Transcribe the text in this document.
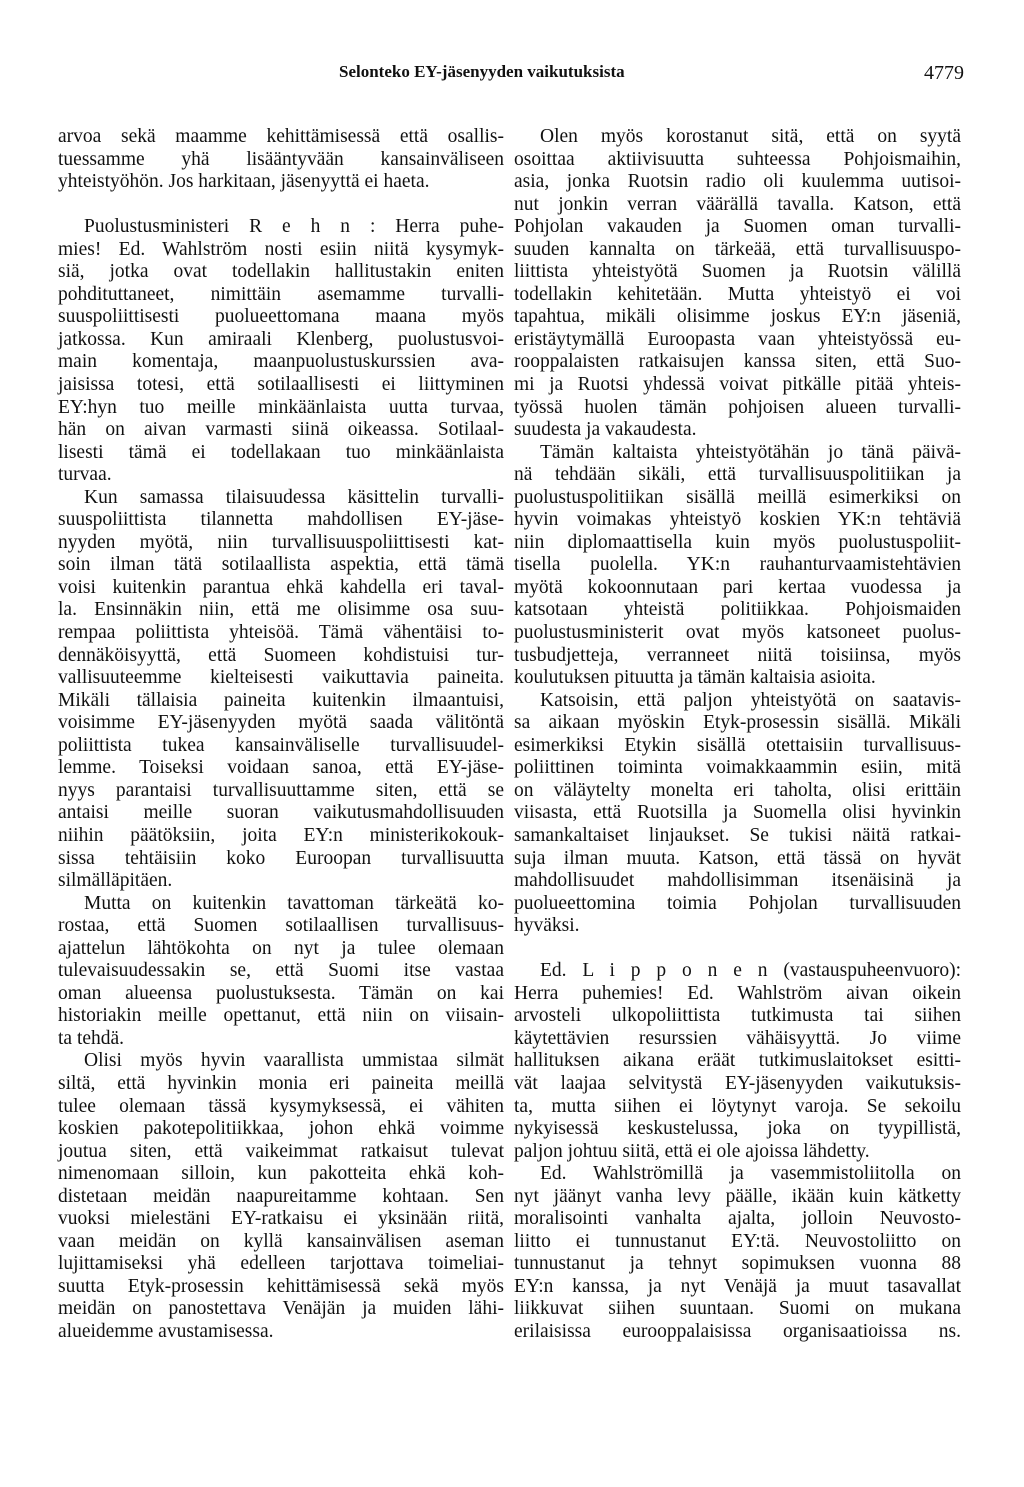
Selonteko EY-jäsenyyden vaikutuksista	4779
arvoa sekä maamme kehittämisessä että osallis-
tuessamme yhä lisääntyvään kansainväliseen
yhteistyöhön. Jos harkitaan, jäsenyyttä ei haeta.
Puolustusministeri R e h n : Herra puhe-
mies! Ed. Wahlström nosti esiin niitä kysymyk-
siä, jotka ovat todellakin hallitustakin eniten
pohdituttaneet, nimittäin asemamme turvalli-
suuspoliittisesti puolueettomana maana myös
jatkossa. Kun amiraali Klenberg, puolustusvoi-
main komentaja, maanpuolustuskurssien ava-
jaisissa totesi, että sotilaallisesti ei liittyminen
EY:hyn tuo meille minkäänlaista uutta turvaa,
hän on aivan varmasti siinä oikeassa. Sotilaal-
lisesti tämä ei todellakaan tuo minkäänlaista
turvaa.
Kun samassa tilaisuudessa käsittelin turvalli-
suuspoliittista tilannetta mahdollisen EY-jäse-
nyyden myötä, niin turvallisuuspoliittisesti kat-
soin ilman tätä sotilaallista aspektia, että tämä
voisi kuitenkin parantua ehkä kahdella eri taval-
la. Ensinnäkin niin, että me olisimme osa suu-
rempaa poliittista yhteisöä. Tämä vähentäisi to-
dennäköisyyttä, että Suomeen kohdistuisi tur-
vallisuuteemme kielteisesti vaikuttavia paineita.
Mikäli tällaisia paineita kuitenkin ilmaantuisi,
voisimme EY-jäsenyyden myötä saada välitöntä
poliittista tukea kansainväliselle turvallisuudel-
lemme. Toiseksi voidaan sanoa, että EY-jäse-
nyys parantaisi turvallisuuttamme siten, että se
antaisi meille suoran vaikutusmahdollisuuden
niihin päätöksiin, joita EY:n ministerikokouk-
sissa tehtäisiin koko Euroopan turvallisuutta
silmälläpitäen.
Mutta on kuitenkin tavattoman tärkeätä ko-
rostaa, että Suomen sotilaallisen turvallisuus-
ajattelun lähtökohta on nyt ja tulee olemaan
tulevaisuudessakin se, että Suomi itse vastaa
oman alueensa puolustuksesta. Tämän on kai
historiakin meille opettanut, että niin on viisain-
ta tehdä.
Olisi myös hyvin vaarallista ummistaa silmät
siltä, että hyvinkin monia eri paineita meillä
tulee olemaan tässä kysymyksessä, ei vähiten
koskien pakotepolitiikkaa, johon ehkä voimme
joutua siten, että vaikeimmat ratkaisut tulevat
nimenomaan silloin, kun pakotteita ehkä koh-
distetaan meidän naapureitamme kohtaan. Sen
vuoksi mielestäni EY-ratkaisu ei yksinään riitä,
vaan meidän on kyllä kansainvälisen aseman
lujittamiseksi yhä edelleen tarjottava toimeliai-
suutta Etyk-prosessin kehittämisessä sekä myös
meidän on panostettava Venäjän ja muiden lähi-
alueidemme avustamisessa.
Olen myös korostanut sitä, että on syytä
osoittaa aktiivisuutta suhteessa Pohjoismaihin,
asia, jonka Ruotsin radio oli kuulemma uutisoi-
nut jonkin verran väärällä tavalla. Katson, että
Pohjolan vakauden ja Suomen oman turvalli-
suuden kannalta on tärkeää, että turvallisuuspo-
liittista yhteistyötä Suomen ja Ruotsin välillä
todellakin kehitetään. Mutta yhteistyö ei voi
tapahtua, mikäli olisimme joskus EY:n jäseniä,
eristäytymällä Euroopasta vaan yhteistyössä eu-
rooppalaisten ratkaisujen kanssa siten, että Suo-
mi ja Ruotsi yhdessä voivat pitkälle pitää yhteis-
työssä huolen tämän pohjoisen alueen turvalli-
suudesta ja vakaudesta.
Tämän kaltaista yhteistyötähän jo tänä päivä-
nä tehdään sikäli, että turvallisuuspolitiikan ja
puolustuspolitiikan sisällä meillä esimerkiksi on
hyvin voimakas yhteistyö koskien YK:n tehtäviä
niin diplomaattisella kuin myös puolustuspoliit-
tisella puolella. YK:n rauhanturvaamistehtävien
myötä kokoonnutaan pari kertaa vuodessa ja
katsotaan yhteistä politiikkaa. Pohjoismaiden
puolustusministerit ovat myös katsoneet puolus-
tusbudjetteja, verranneet niitä toisiinsa, myös
koulutuksen pituutta ja tämän kaltaisia asioita.
Katsoisin, että paljon yhteistyötä on saatavis-
sa aikaan myöskin Etyk-prosessin sisällä. Mikäli
esimerkiksi Etykin sisällä otettaisiin turvallisuus-
poliittinen toiminta voimakkaammin esiin, mitä
on väläytelty monelta eri taholta, olisi erittäin
viisasta, että Ruotsilla ja Suomella olisi hyvinkin
samankaltaiset linjaukset. Se tukisi näitä ratkai-
suja ilman muuta. Katson, että tässä on hyvät
mahdollisuudet mahdollisimman itsenäisinä ja
puolueettomina toimia Pohjolan turvallisuuden
hyväksi.
Ed. L i p p o n e n (vastauspuheenvuoro):
Herra puhemies! Ed. Wahlström aivan oikein
arvosteli ulkopoliittista tutkimusta tai siihen
käytettävien resurssien vähäisyyttä. Jo viime
hallituksen aikana eräät tutkimuslaitokset esitti-
vät laajaa selvitystä EY-jäsenyyden vaikutuksis-
ta, mutta siihen ei löytynyt varoja. Se sekoilu
nykyisessä keskustelussa, joka on tyypillistä,
paljon johtuu siitä, että ei ole ajoissa lähdetty.
Ed. Wahlströmillä ja vasemmistoliitolla on
nyt jäänyt vanha levy päälle, ikään kuin kätketty
moralisointi vanhalta ajalta, jolloin Neuvosto-
liitto ei tunnustanut EY:tä. Neuvostoliitto on
tunnustanut ja tehnyt sopimuksen vuonna 88
EY:n kanssa, ja nyt Venäjä ja muut tasavallat
liikkuvat siihen suuntaan. Suomi on mukana
erilaisissa eurooppalaisissa organisaatioissa ns.
